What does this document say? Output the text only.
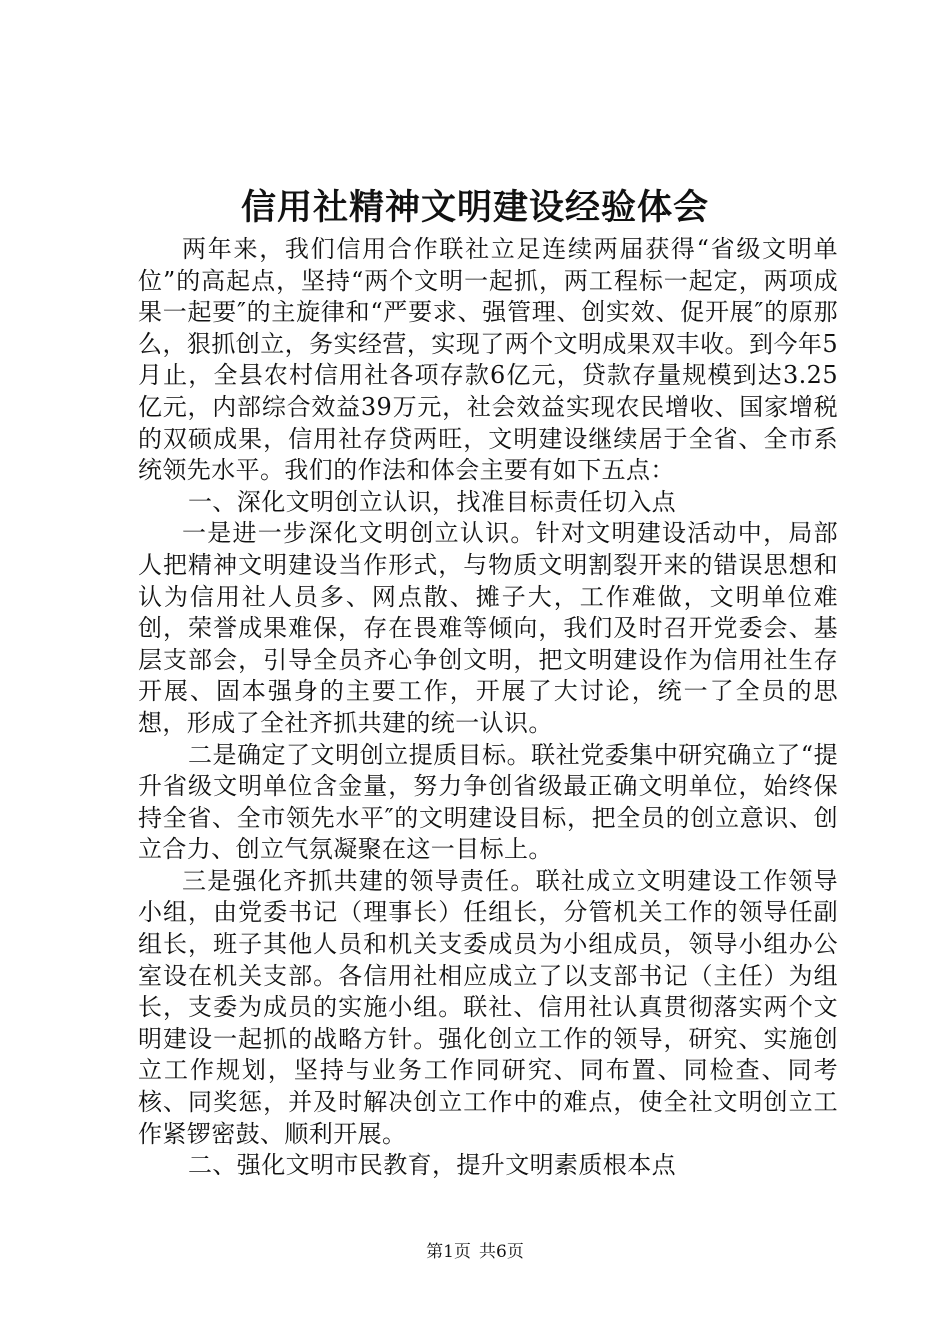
信用社精神文明建设经验体会

两年来，我们信用合作联社立足连续两届获得“省级文明单位”的高起点，坚持“两个文明一起抓，两工程标一起定，两项成果一起要″的主旋律和“严要求、强管理、创实效、促开展″的原那么，狠抓创立，务实经营，实现了两个文明成果双丰收。到今年5月止，全县农村信用社各项存款6亿元，贷款存量规模到达3.25亿元，内部综合效益39万元，社会效益实现农民增收、国家增税的双硕成果，信用社存贷两旺，文明建设继续居于全省、全市系统领先水平。我们的作法和体会主要有如下五点：

一、深化文明创立认识，找准目标责任切入点

一是进一步深化文明创立认识。针对文明建设活动中，局部人把精神文明建设当作形式，与物质文明割裂开来的错误思想和认为信用社人员多、网点散、摊子大，工作难做，文明单位难创，荣誉成果难保，存在畏难等倾向，我们及时召开党委会、基层支部会，引导全员齐心争创文明，把文明建设作为信用社生存开展、固本强身的主要工作，开展了大讨论，统一了全员的思想，形成了全社齐抓共建的统一认识。

二是确定了文明创立提质目标。联社党委集中研究确立了“提升省级文明单位含金量，努力争创省级最正确文明单位，始终保持全省、全市领先水平″的文明建设目标，把全员的创立意识、创立合力、创立气氛凝聚在这一目标上。

三是强化齐抓共建的领导责任。联社成立文明建设工作领导小组，由党委书记（理事长）任组长，分管机关工作的领导任副组长，班子其他人员和机关支委成员为小组成员，领导小组办公室设在机关支部。各信用社相应成立了以支部书记（主任）为组长，支委为成员的实施小组。联社、信用社认真贯彻落实两个文明建设一起抓的战略方针。强化创立工作的领导，研究、实施创立工作规划，坚持与业务工作同研究、同布置、同检查、同考核、同奖惩，并及时解决创立工作中的难点，使全社文明创立工作紧锣密鼓、顺利开展。

二、强化文明市民教育，提升文明素质根本点

第1页 共6页
